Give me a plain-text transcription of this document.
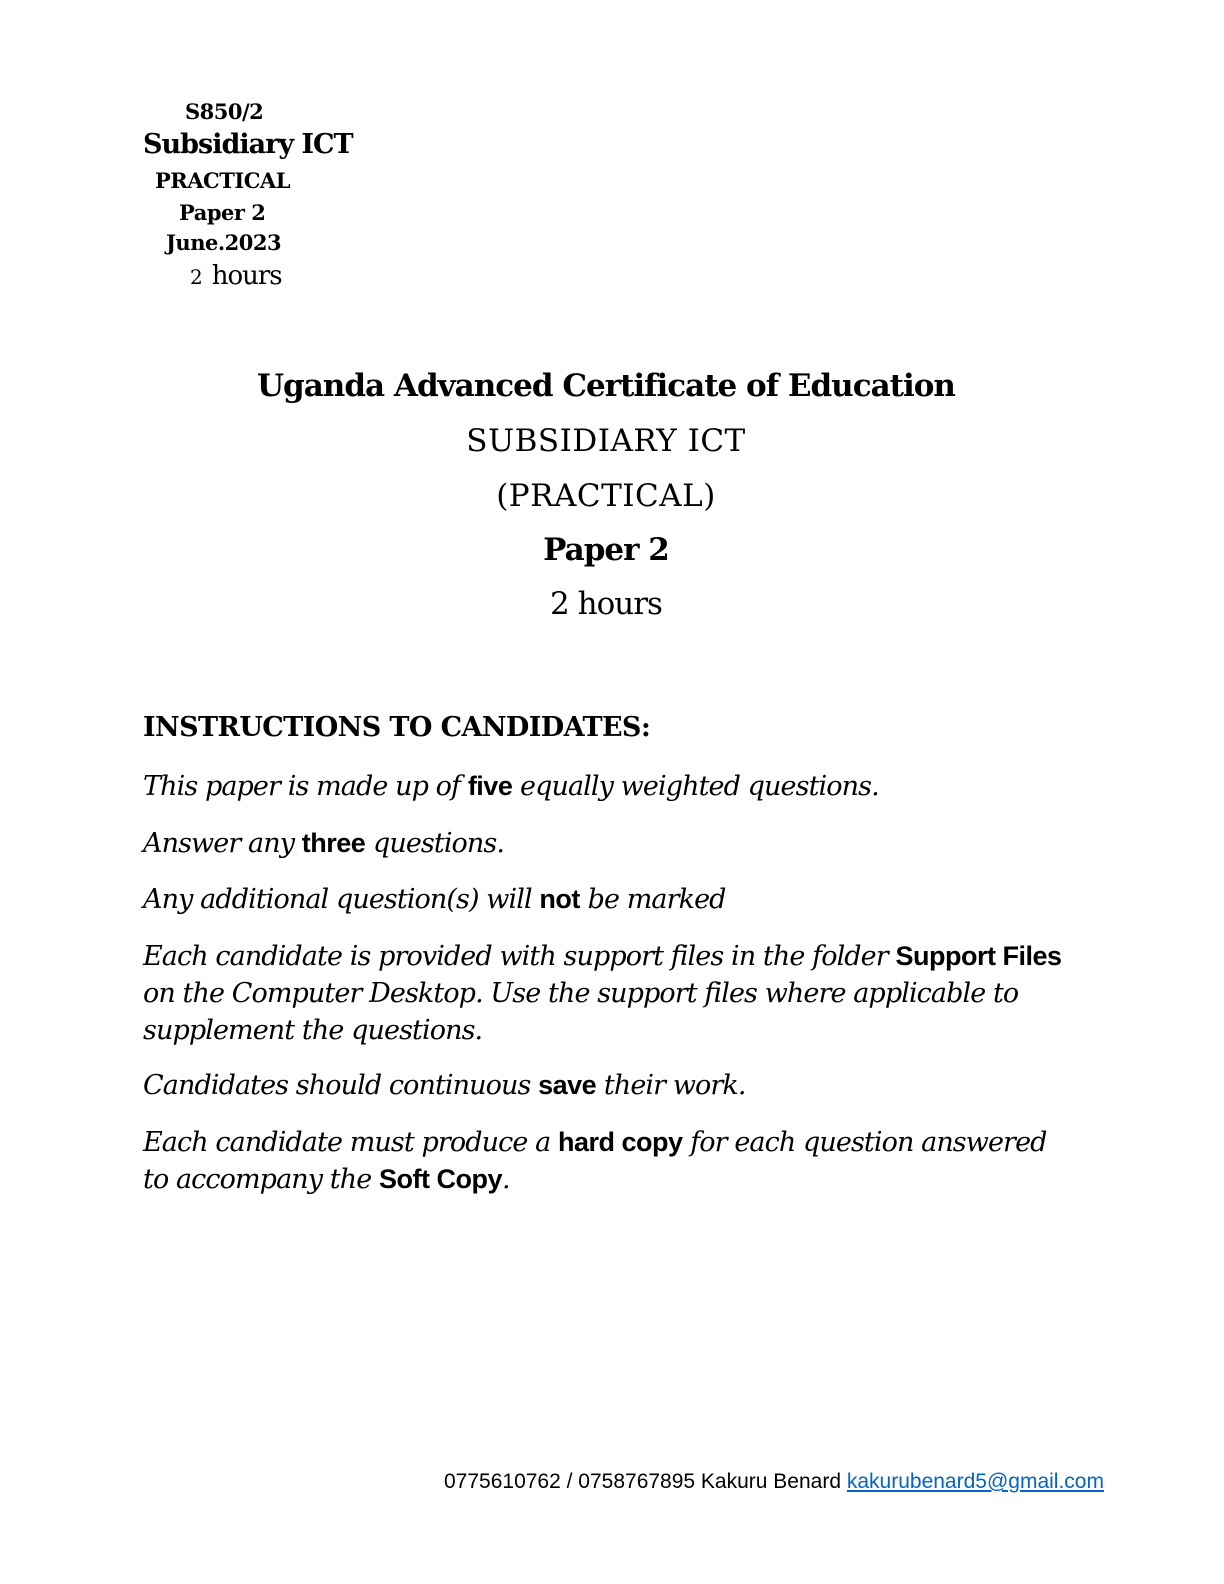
S850/2
Subsidiary ICT
PRACTICAL
Paper 2
June.2023
2 hours
Uganda Advanced Certificate of Education
SUBSIDIARY ICT
(PRACTICAL)
Paper 2
2 hours
INSTRUCTIONS TO CANDIDATES:
This paper is made up of five equally weighted questions.
Answer any three questions.
Any additional question(s) will not be marked
Each candidate is provided with support files in the folder Support Files on the Computer Desktop. Use the support files where applicable to supplement the questions.
Candidates should continuous save their work.
Each candidate must produce a hard copy for each question answered to accompany the Soft Copy.
0775610762 / 0758767895 Kakuru Benard kakurubenard5@gmail.com
